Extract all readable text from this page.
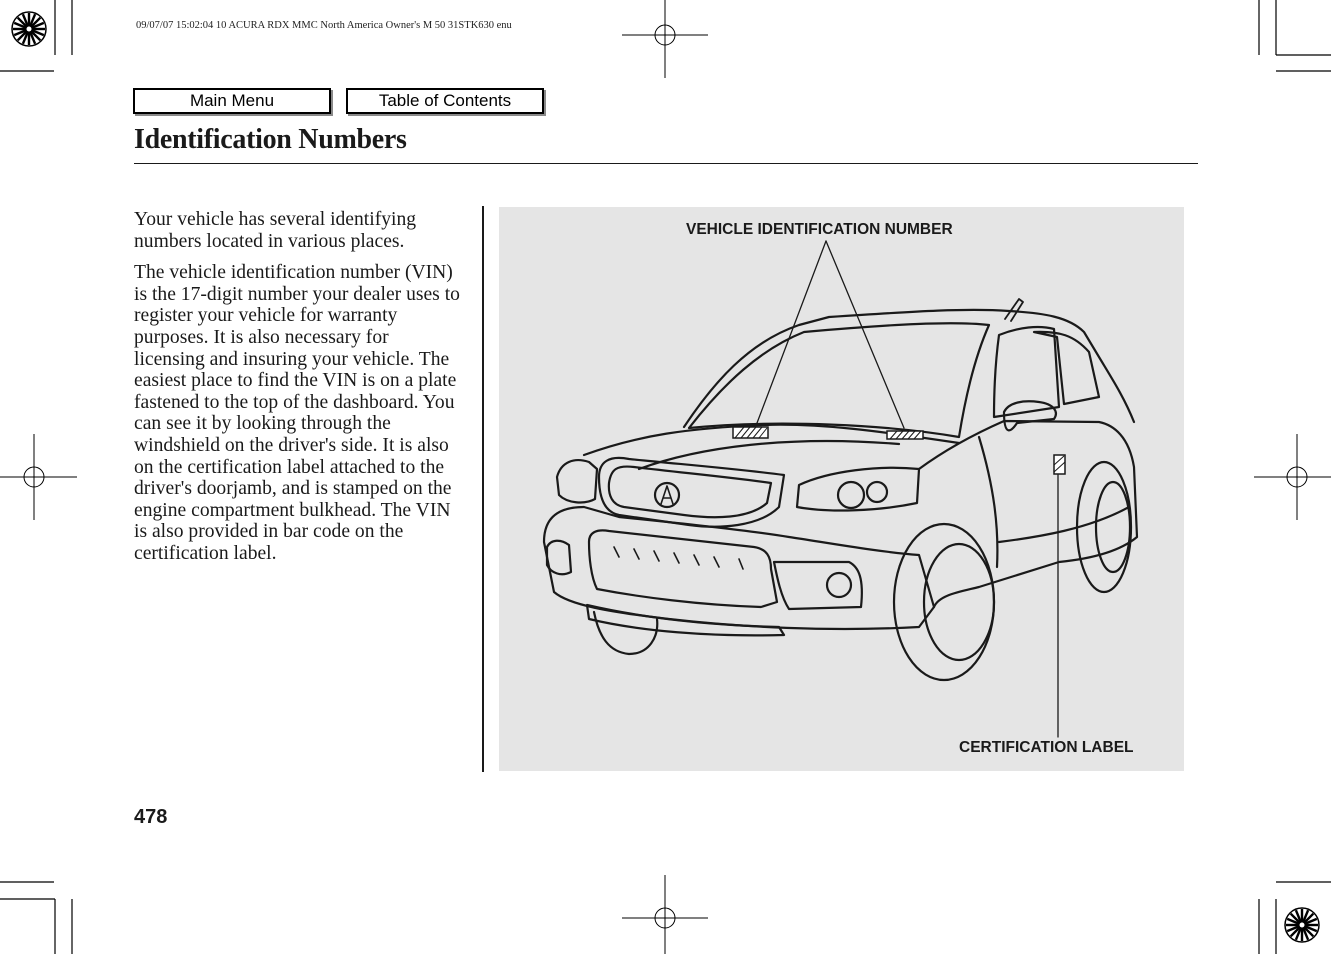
09/07/07 15:02:04 10 ACURA RDX MMC North America Owner's M 50 31STK630 enu
Main Menu	Table of Contents
Identification Numbers

Your vehicle has several identifying numbers located in various places.

The vehicle identification number (VIN) is the 17-digit number your dealer uses to register your vehicle for warranty purposes. It is also necessary for licensing and insuring your vehicle. The easiest place to find the VIN is on a plate fastened to the top of the dashboard. You can see it by looking through the windshield on the driver's side. It is also on the certification label attached to the driver's doorjamb, and is stamped on the engine compartment bulkhead. The VIN is also provided in bar code on the certification label.

VEHICLE IDENTIFICATION NUMBER
CERTIFICATION LABEL
478
